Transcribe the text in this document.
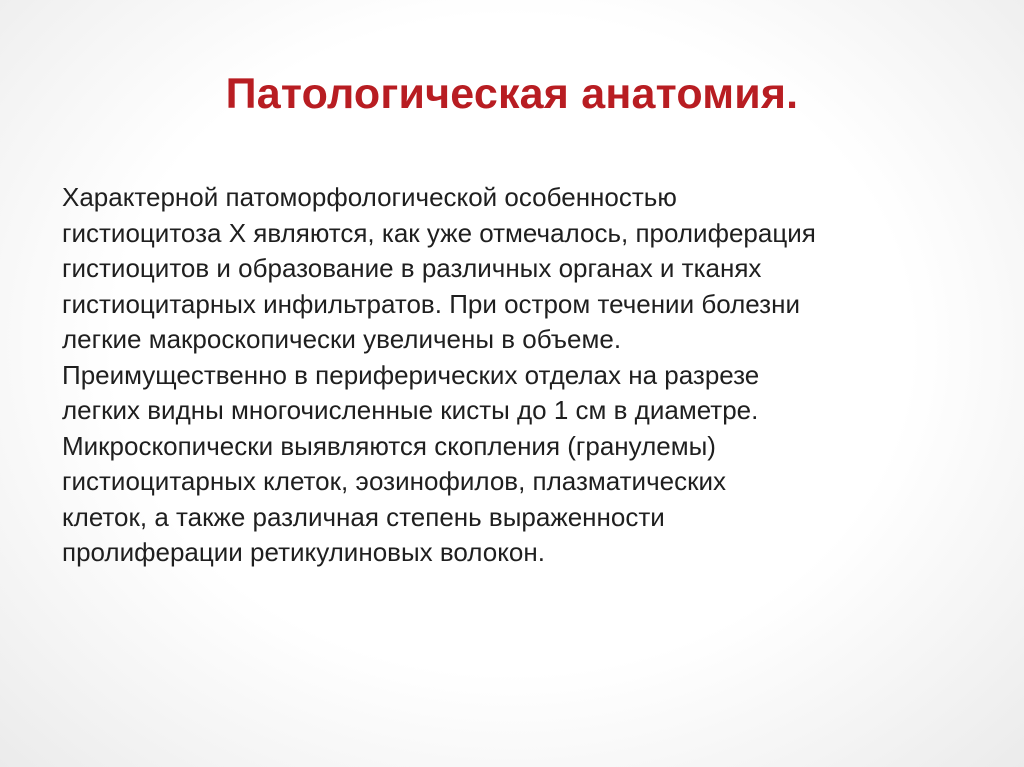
Патологическая анатомия.
Характерной патоморфологической особенностью
гистиоцитоза X являются, как уже отмечалось, пролиферация
гистиоцитов и образование в различных органах и тканях
гистиоцитарных инфильтратов. При остром течении болезни
легкие макроскопически увеличены в объеме.
Преимущественно в периферических отделах на разрезе
легких видны многочисленные кисты до 1 см в диаметре.
Микроскопически выявляются скопления (гранулемы)
гистиоцитарных клеток, эозинофилов, плазматических
клеток, а также различная степень выраженности
пролиферации ретикулиновых волокон.
